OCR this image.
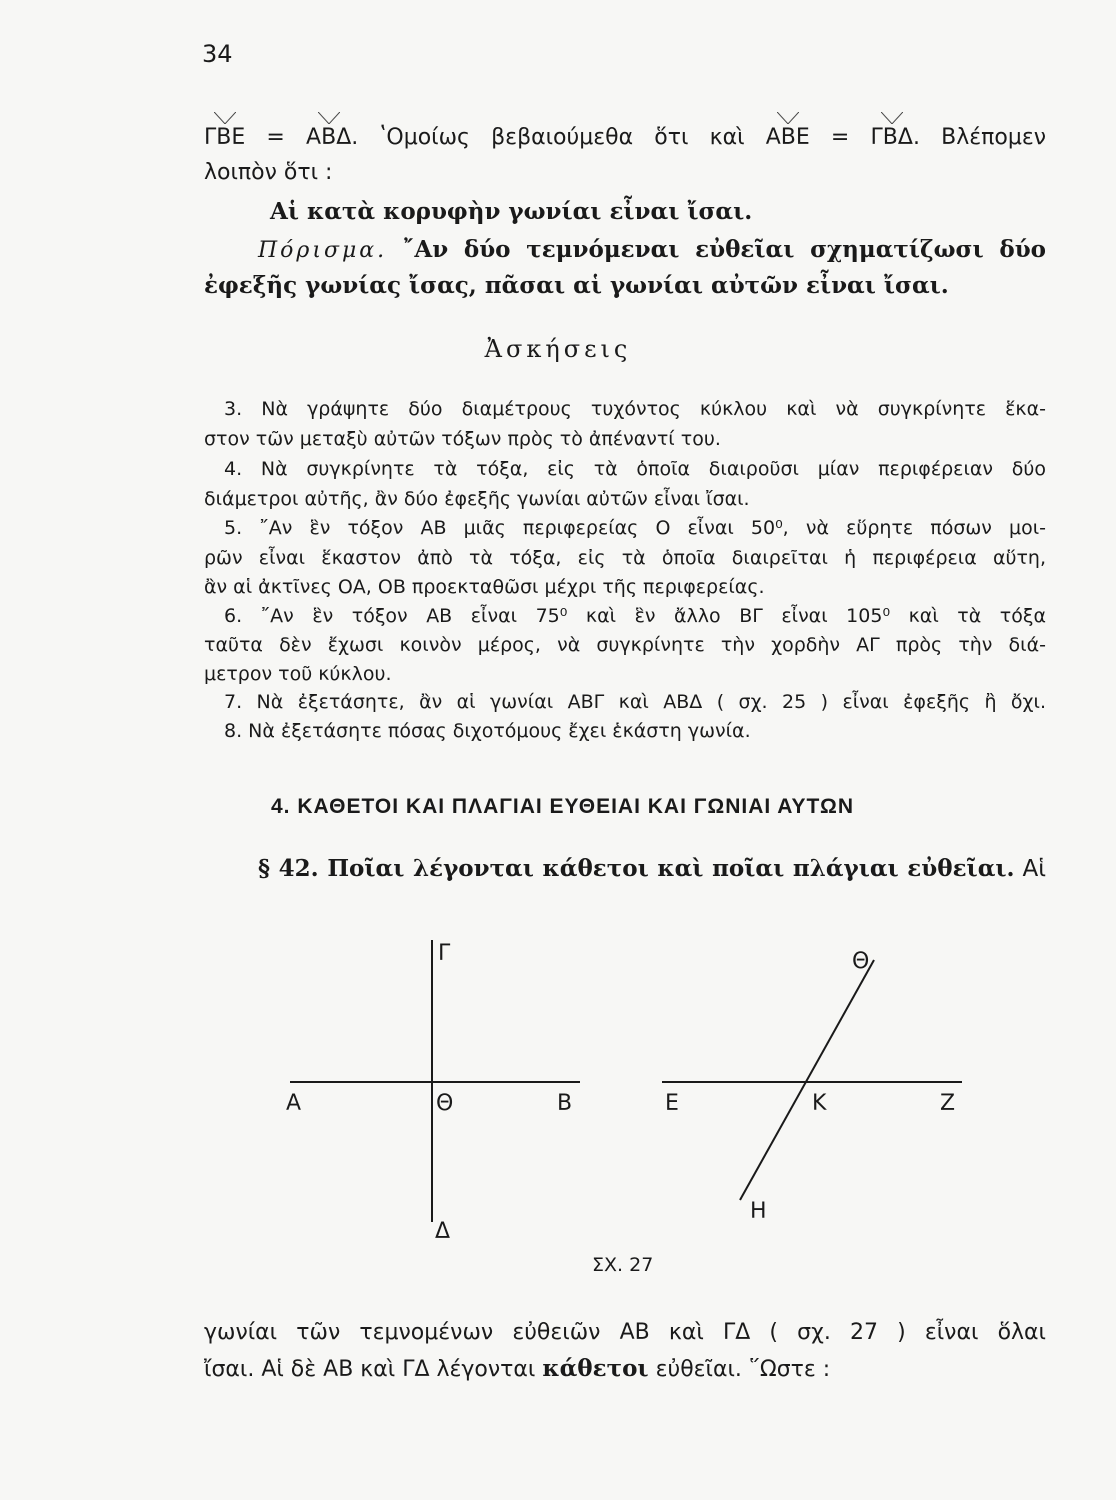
34
ΓΒΕ = ΑΒΔ. ʽΟμοίως βεβαιούμεθα ὅτι καὶ ΑΒΕ = ΓΒΔ. Βλέπομεν
λοιπὸν ὅτι :
Αἱ κατὰ κορυφὴν γωνίαι εἶναι ἴσαι.
Πόρισμα. ῎Αν δύο τεμνόμεναι εὐθεῖαι σχηματίζωσι δύο
ἐφεξῆς γωνίας ἴσας, πᾶσαι αἱ γωνίαι αὐτῶν εἶναι ἴσαι.
Ἀσκήσεις
3. Νὰ γράψητε δύο διαμέτρους τυχόντος κύκλου καὶ νὰ συγκρίνητε ἕκα-
στον τῶν μεταξὺ αὐτῶν τόξων πρὸς τὸ ἀπέναντί του.
4. Νὰ συγκρίνητε τὰ τόξα, εἰς τὰ ὁποῖα διαιροῦσι μίαν περιφέρειαν δύο
διάμετροι αὐτῆς, ἂν δύο ἐφεξῆς γωνίαι αὐτῶν εἶναι ἴσαι.
5. ῎Αν ἓν τόξον ΑΒ μιᾶς περιφερείας Ο εἶναι 50⁰, νὰ εὕρητε πόσων μοι-
ρῶν εἶναι ἕκαστον ἀπὸ τὰ τόξα, εἰς τὰ ὁποῖα διαιρεῖται ἡ περιφέρεια αὕτη,
ἂν αἱ ἀκτῖνες ΟΑ, ΟΒ προεκταθῶσι μέχρι τῆς περιφερείας.
6. ῎Αν ἓν τόξον ΑΒ εἶναι 75⁰ καὶ ἓν ἄλλο ΒΓ εἶναι 105⁰ καὶ τὰ τόξα
ταῦτα δὲν ἔχωσι κοινὸν μέρος, νὰ συγκρίνητε τὴν χορδὴν ΑΓ πρὸς τὴν διά-
μετρον τοῦ κύκλου.
7. Νὰ ἐξετάσητε, ἂν αἱ γωνίαι ΑΒΓ καὶ ΑΒΔ ( σχ. 25 ) εἶναι ἐφεξῆς ἢ ὄχι.
8. Νὰ ἐξετάσητε πόσας διχοτόμους ἔχει ἑκάστη γωνία.
4. ΚΑΘΕΤΟΙ ΚΑΙ ΠΛΑΓΙΑΙ ΕΥΘΕΙΑΙ ΚΑΙ ΓΩΝΙΑΙ ΑΥΤΩΝ
§ 42. Ποῖαι λέγονται κάθετοι καὶ ποῖαι πλάγιαι εὐθεῖαι. Αἱ
Γ
Α	Θ	Β
Δ
Θ
Ε	Κ	Ζ
Η
ΣΧ. 27
γωνίαι τῶν τεμνομένων εὐθειῶν ΑΒ καὶ ΓΔ ( σχ. 27 ) εἶναι ὅλαι
ἴσαι. Αἱ δὲ ΑΒ καὶ ΓΔ λέγονται κάθετοι εὐθεῖαι. ῞Ωστε :
